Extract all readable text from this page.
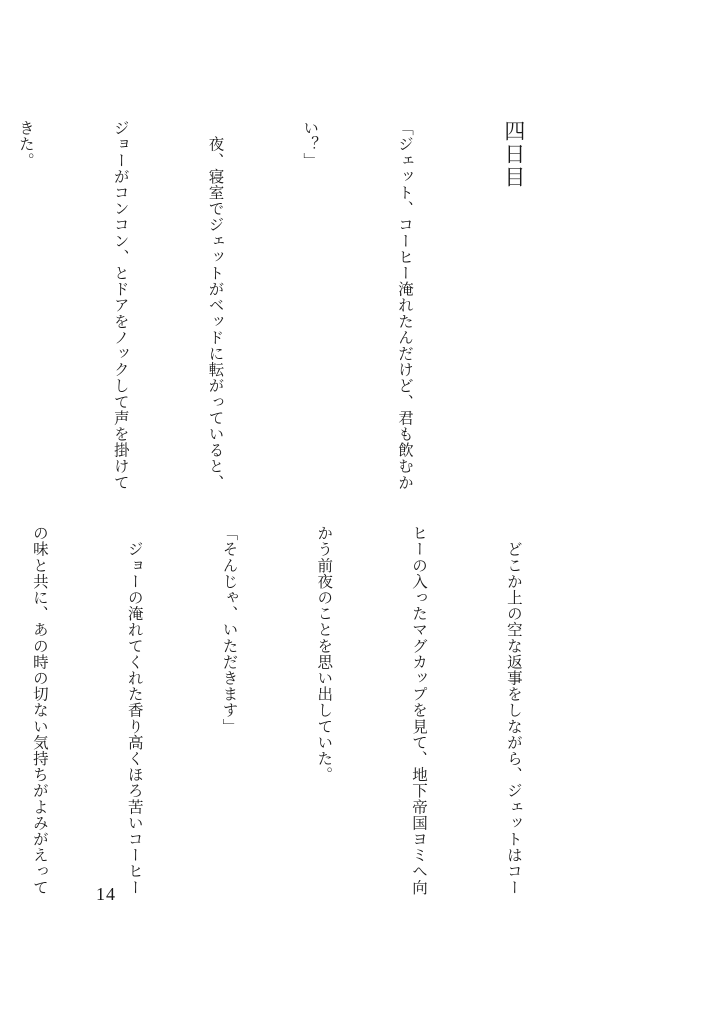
四日目

「ジェット、コーヒー淹れたんだけど、君も飲むか

い？」

　夜、寝室でジェットがベッドに転がっていると、

ジョーがコンコン、とドアをノックして声を掛けて

きた。

　どこか上の空な返事をしながら、ジェットはコー

ヒーの入ったマグカップを見て、地下帝国ヨミへ向

かう前夜のことを思い出していた。

「そんじゃ、いただきます」

　ジョーの淹れてくれた香り高くほろ苦いコーヒー

の味と共に、あの時の切ない気持ちがよみがえって

	14
